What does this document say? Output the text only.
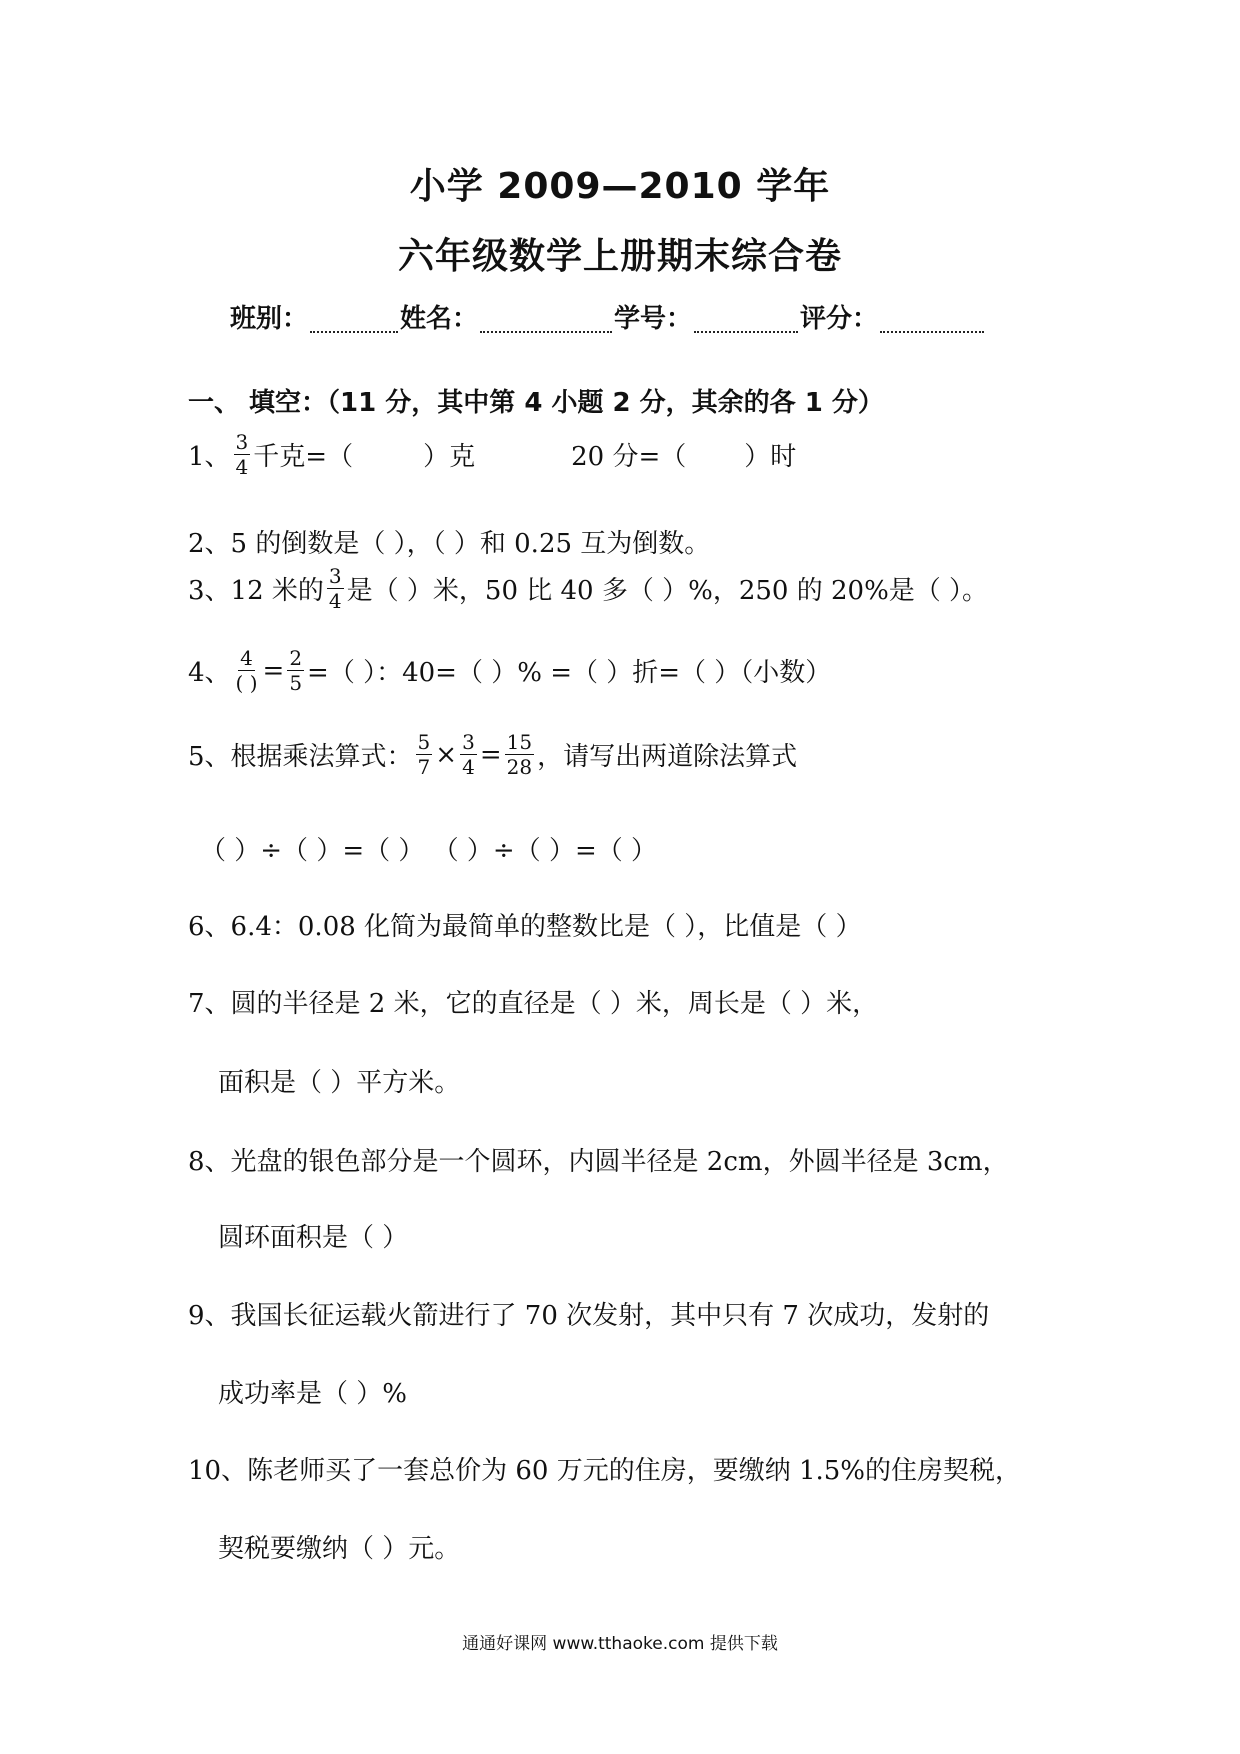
小学 2009—2010 学年
六年级数学上册期末综合卷
班别：	姓名：	学号：	评分：
一、 填空：（11 分，其中第 4 小题 2 分，其余的各 1 分）
1、 $\frac{3}{4}$ 千克=（	）克	20 分=（ ）时
2、5 的倒数是（ ），（ ）和 0.25 互为倒数。
3、12 米的 $\frac{3}{4}$ 是（ ）米，50 比 40 多（ ）%，250 的 20%是（ ）。
4、 $\frac{4}{( )} = \frac{2}{5}$ =（ ）：40=（ ）% =（ ）折=（ ）（小数）
5、根据乘法算式： $\frac{5}{7} \times \frac{3}{4} = \frac{15}{28}$ ，请写出两道除法算式
（ ）÷（ ）=（ ） （ ）÷（ ）=（ ）
6、6.4：0.08 化简为最简单的整数比是（ ），比值是（ ）
7、圆的半径是 2 米，它的直径是（ ）米，周长是（ ）米，
面积是（ ）平方米。
8、光盘的银色部分是一个圆环，内圆半径是 2cm，外圆半径是 3cm，
圆环面积是（ ）
9、我国长征运载火箭进行了 70 次发射，其中只有 7 次成功，发射的
成功率是（ ）%
10、陈老师买了一套总价为 60 万元的住房，要缴纳 1.5%的住房契税，
契税要缴纳（ ）元。
通通好课网 www.tthaoke.com 提供下载
